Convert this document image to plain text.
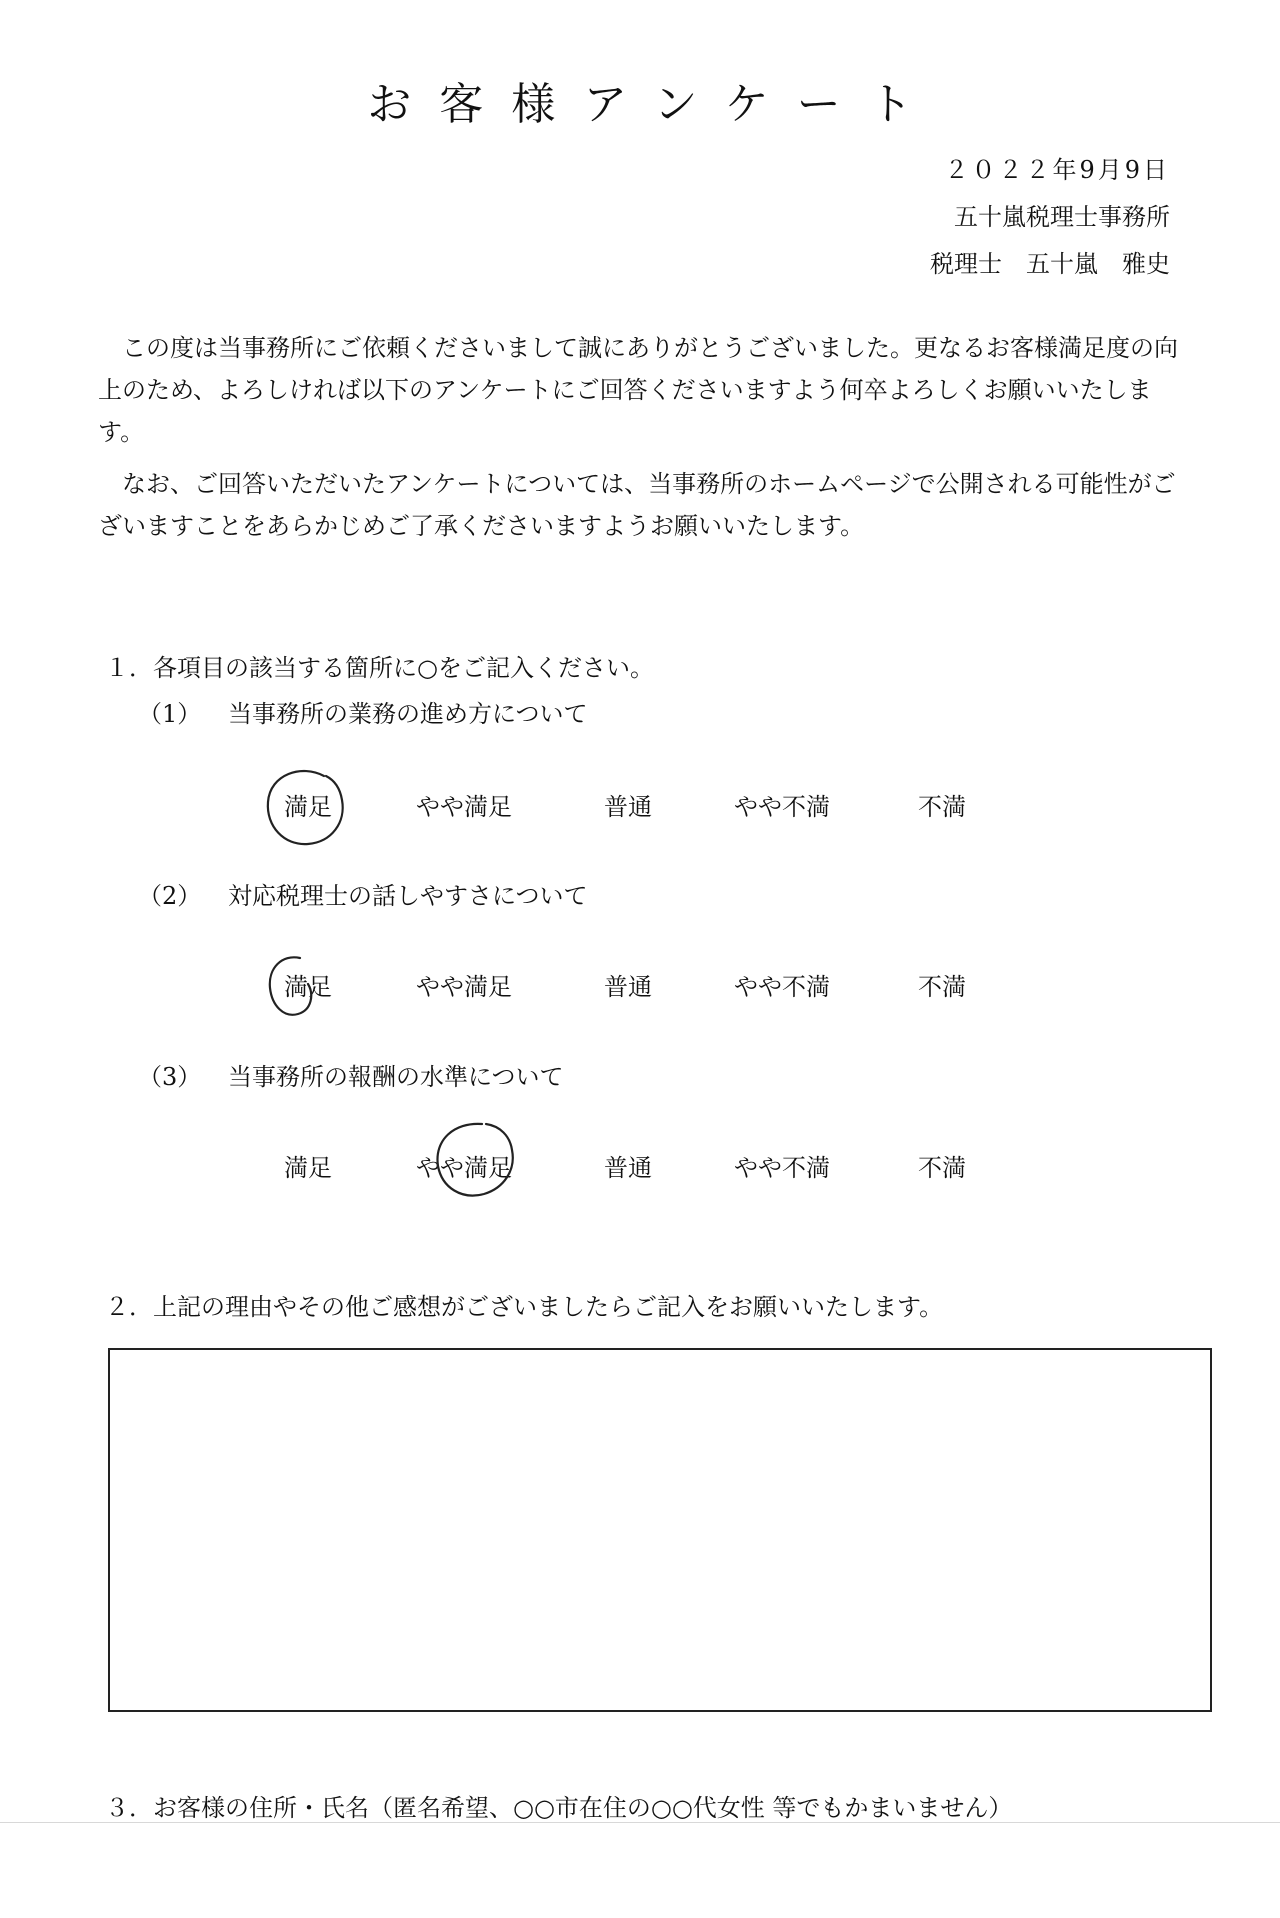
お客様アンケート
２０２２年9月9日
五十嵐税理士事務所
税理士　五十嵐　雅史
この度は当事務所にご依頼くださいまして誠にありがとうございました。更なるお客様満足度の向上のため、よろしければ以下のアンケートにご回答くださいますよう何卒よろしくお願いいたします。
なお、ご回答いただいたアンケートについては、当事務所のホームページで公開される可能性がございますことをあらかじめご了承くださいますようお願いいたします。
１．各項目の該当する箇所に○をご記入ください。
（1） 当事務所の業務の進め方について
満足	やや満足	普通	やや不満	不満
（2） 対応税理士の話しやすさについて
満足	やや満足	普通	やや不満	不満
（3） 当事務所の報酬の水準について
満足	やや満足	普通	やや不満	不満
２．上記の理由やその他ご感想がございましたらご記入をお願いいたします。
３．お客様の住所・氏名（匿名希望、○○市在住の○○代女性 等でもかまいません）
